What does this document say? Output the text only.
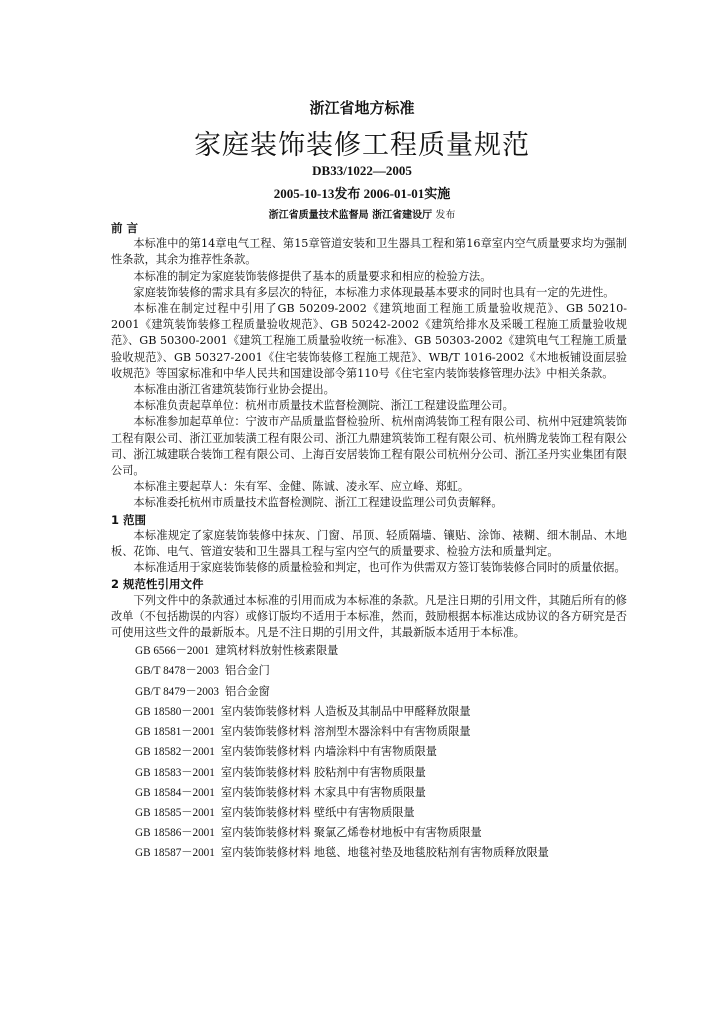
浙江省地方标准
家庭装饰装修工程质量规范
DB33/1022—2005
2005-10-13发布 2006-01-01实施
浙江省质量技术监督局 浙江省建设厅 发布
前 言

本标准中的第14章电气工程、第15章管道安装和卫生器具工程和第16章室内空气质量要求均为强制性条款，其余为推荐性条款。

本标准的制定为家庭装饰装修提供了基本的质量要求和相应的检验方法。

家庭装饰装修的需求具有多层次的特征，本标准力求体现最基本要求的同时也具有一定的先进性。

本标准在制定过程中引用了GB 50209-2002《建筑地面工程施工质量验收规范》、GB 50210-2001《建筑装饰装修工程质量验收规范》、GB 50242-2002《建筑给排水及采暖工程施工质量验收规范》、GB 50300-2001《建筑工程施工质量验收统一标准》、GB 50303-2002《建筑电气工程施工质量验收规范》、GB 50327-2001《住宅装饰装修工程施工规范》、WB/T 1016-2002《木地板铺设面层验收规范》等国家标准和中华人民共和国建设部令第110号《住宅室内装饰装修管理办法》中相关条款。

本标准由浙江省建筑装饰行业协会提出。

本标准负责起草单位：杭州市质量技术监督检测院、浙江工程建设监理公司。

本标准参加起草单位：宁波市产品质量监督检验所、杭州南鸿装饰工程有限公司、杭州中冠建筑装饰工程有限公司、浙江亚加装潢工程有限公司、浙江九鼎建筑装饰工程有限公司、杭州腾龙装饰工程有限公司、浙江城建联合装饰工程有限公司、上海百安居装饰工程有限公司杭州分公司、浙江圣丹实业集团有限公司。

本标准主要起草人：朱有军、金健、陈诚、凌永军、应立峰、郑虹。

本标准委托杭州市质量技术监督检测院、浙江工程建设监理公司负责解释。

1 范围

本标准规定了家庭装饰装修中抹灰、门窗、吊顶、轻质隔墙、镶贴、涂饰、裱糊、细木制品、木地板、花饰、电气、管道安装和卫生器具工程与室内空气的质量要求、检验方法和质量判定。

本标准适用于家庭装饰装修的质量检验和判定，也可作为供需双方签订装饰装修合同时的质量依据。

2 规范性引用文件

下列文件中的条款通过本标准的引用而成为本标准的条款。凡是注日期的引用文件，其随后所有的修改单（不包括勘误的内容）或修订版均不适用于本标准，然而，鼓励根据本标准达成协议的各方研究是否可使用这些文件的最新版本。凡是不注日期的引用文件，其最新版本适用于本标准。

GB 6566－2001 建筑材料放射性核素限量
GB/T 8478－2003 铝合金门
GB/T 8479－2003 铝合金窗
GB 18580－2001 室内装饰装修材料 人造板及其制品中甲醛释放限量
GB 18581－2001 室内装饰装修材料 溶剂型木器涂料中有害物质限量
GB 18582－2001 室内装饰装修材料 内墙涂料中有害物质限量
GB 18583－2001 室内装饰装修材料 胶粘剂中有害物质限量
GB 18584－2001 室内装饰装修材料 木家具中有害物质限量
GB 18585－2001 室内装饰装修材料 壁纸中有害物质限量
GB 18586－2001 室内装饰装修材料 聚氯乙烯卷材地板中有害物质限量
GB 18587－2001 室内装饰装修材料 地毯、地毯衬垫及地毯胶粘剂有害物质释放限量
